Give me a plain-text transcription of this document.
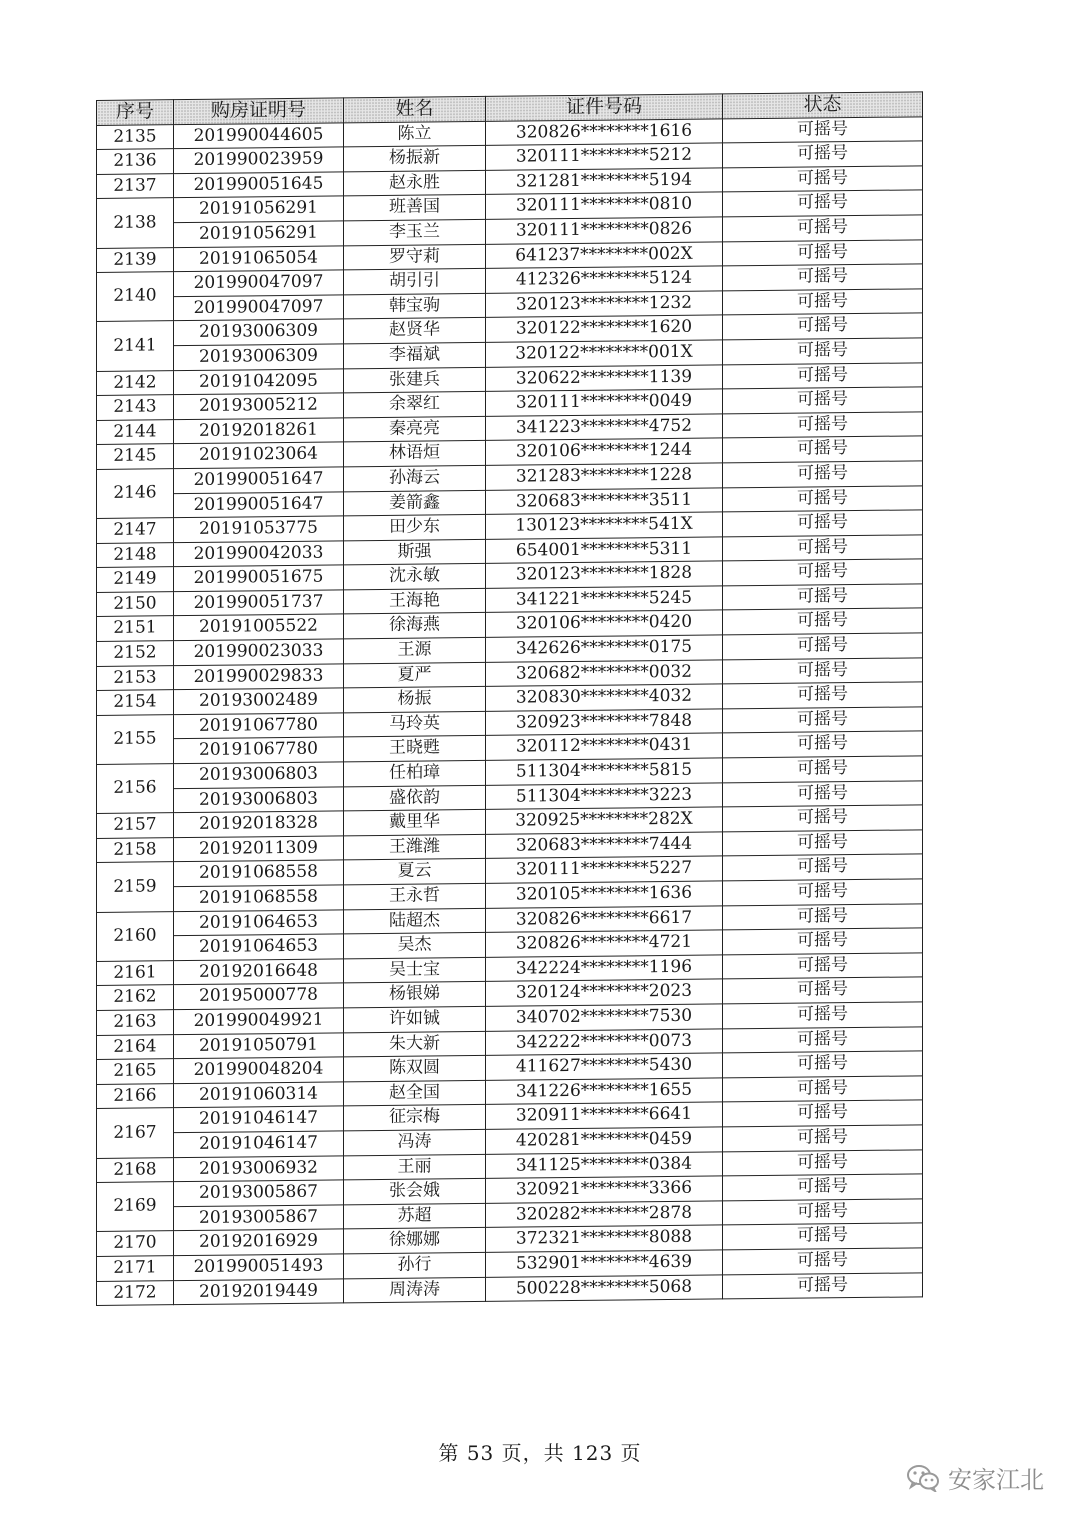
序号	购房证明号	姓名	证件号码	状态
2135	201990044605	陈立	320826********1616	可摇号
2136	201990023959	杨振新	320111********5212	可摇号
2137	201990051645	赵永胜	321281********5194	可摇号
2138	20191056291	班善国	320111********0810	可摇号
	20191056291	李玉兰	320111********0826	可摇号
2139	20191065054	罗守莉	641237********002X	可摇号
2140	201990047097	胡引引	412326********5124	可摇号
	201990047097	韩宝驹	320123********1232	可摇号
2141	20193006309	赵贤华	320122********1620	可摇号
	20193006309	李福斌	320122********001X	可摇号
2142	20191042095	张建兵	320622********1139	可摇号
2143	20193005212	余翠红	320111********0049	可摇号
2144	20192018261	秦亮亮	341223********4752	可摇号
2145	20191023064	林语烜	320106********1244	可摇号
2146	201990051647	孙海云	321283********1228	可摇号
	201990051647	姜箭鑫	320683********3511	可摇号
2147	20191053775	田少东	130123********541X	可摇号
2148	201990042033	斯强	654001********5311	可摇号
2149	201990051675	沈永敏	320123********1828	可摇号
2150	201990051737	王海艳	341221********5245	可摇号
2151	20191005522	徐海燕	320106********0420	可摇号
2152	201990023033	王源	342626********0175	可摇号
2153	201990029833	夏严	320682********0032	可摇号
2154	20193002489	杨振	320830********4032	可摇号
2155	20191067780	马玲英	320923********7848	可摇号
	20191067780	王晓甦	320112********0431	可摇号
2156	20193006803	任柏璋	511304********5815	可摇号
	20193006803	盛依韵	511304********3223	可摇号
2157	20192018328	戴里华	320925********282X	可摇号
2158	20192011309	王潍潍	320683********7444	可摇号
2159	20191068558	夏云	320111********5227	可摇号
	20191068558	王永哲	320105********1636	可摇号
2160	20191064653	陆超杰	320826********6617	可摇号
	20191064653	吴杰	320826********4721	可摇号
2161	20192016648	吴士宝	342224********1196	可摇号
2162	20195000778	杨银娣	320124********2023	可摇号
2163	201990049921	许如铖	340702********7530	可摇号
2164	20191050791	朱大新	342222********0073	可摇号
2165	201990048204	陈双圆	411627********5430	可摇号
2166	20191060314	赵全国	341226********1655	可摇号
2167	20191046147	征宗梅	320911********6641	可摇号
	20191046147	冯涛	420281********0459	可摇号
2168	20193006932	王丽	341125********0384	可摇号
2169	20193005867	张会娥	320921********3366	可摇号
	20193005867	苏超	320282********2878	可摇号
2170	20192016929	徐娜娜	372321********8088	可摇号
2171	201990051493	孙行	532901********4639	可摇号
2172	20192019449	周涛涛	500228********5068	可摇号
第 53 页，共 123 页
安家江北
